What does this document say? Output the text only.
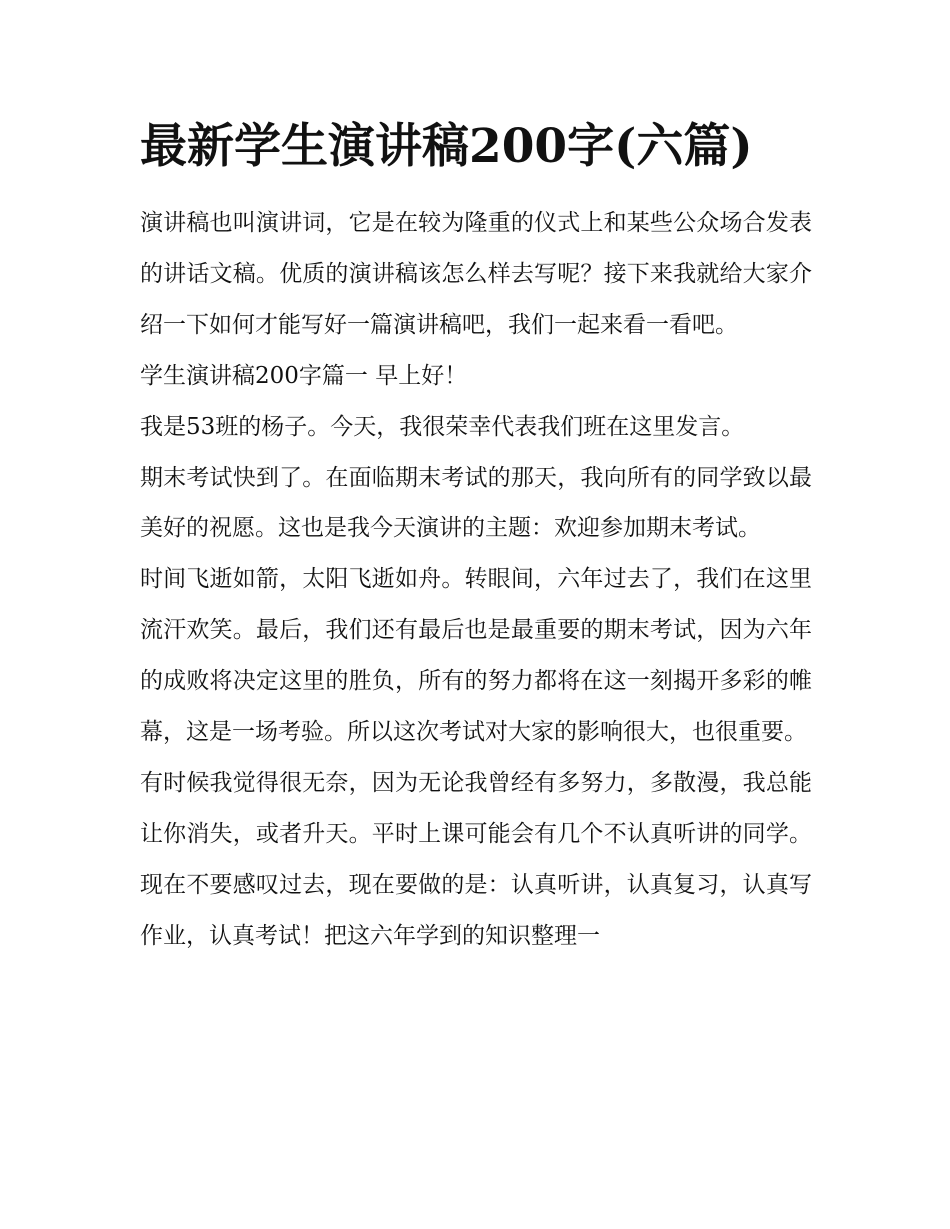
最新学生演讲稿200字(六篇)

演讲稿也叫演讲词，它是在较为隆重的仪式上和某些公众场合发表的讲话文稿。优质的演讲稿该怎么样去写呢？接下来我就给大家介绍一下如何才能写好一篇演讲稿吧，我们一起来看一看吧。

学生演讲稿200字篇一 早上好！

我是53班的杨子。今天，我很荣幸代表我们班在这里发言。

期末考试快到了。在面临期末考试的那天，我向所有的同学致以最美好的祝愿。这也是我今天演讲的主题：欢迎参加期末考试。

时间飞逝如箭，太阳飞逝如舟。转眼间，六年过去了，我们在这里流汗欢笑。最后，我们还有最后也是最重要的期末考试，因为六年的成败将决定这里的胜负，所有的努力都将在这一刻揭开多彩的帷幕，这是一场考验。所以这次考试对大家的影响很大，也很重要。

有时候我觉得很无奈，因为无论我曾经有多努力，多散漫，我总能让你消失，或者升天。平时上课可能会有几个不认真听讲的同学。现在不要感叹过去，现在要做的是：认真听讲，认真复习，认真写作业，认真考试！把这六年学到的知识整理一
